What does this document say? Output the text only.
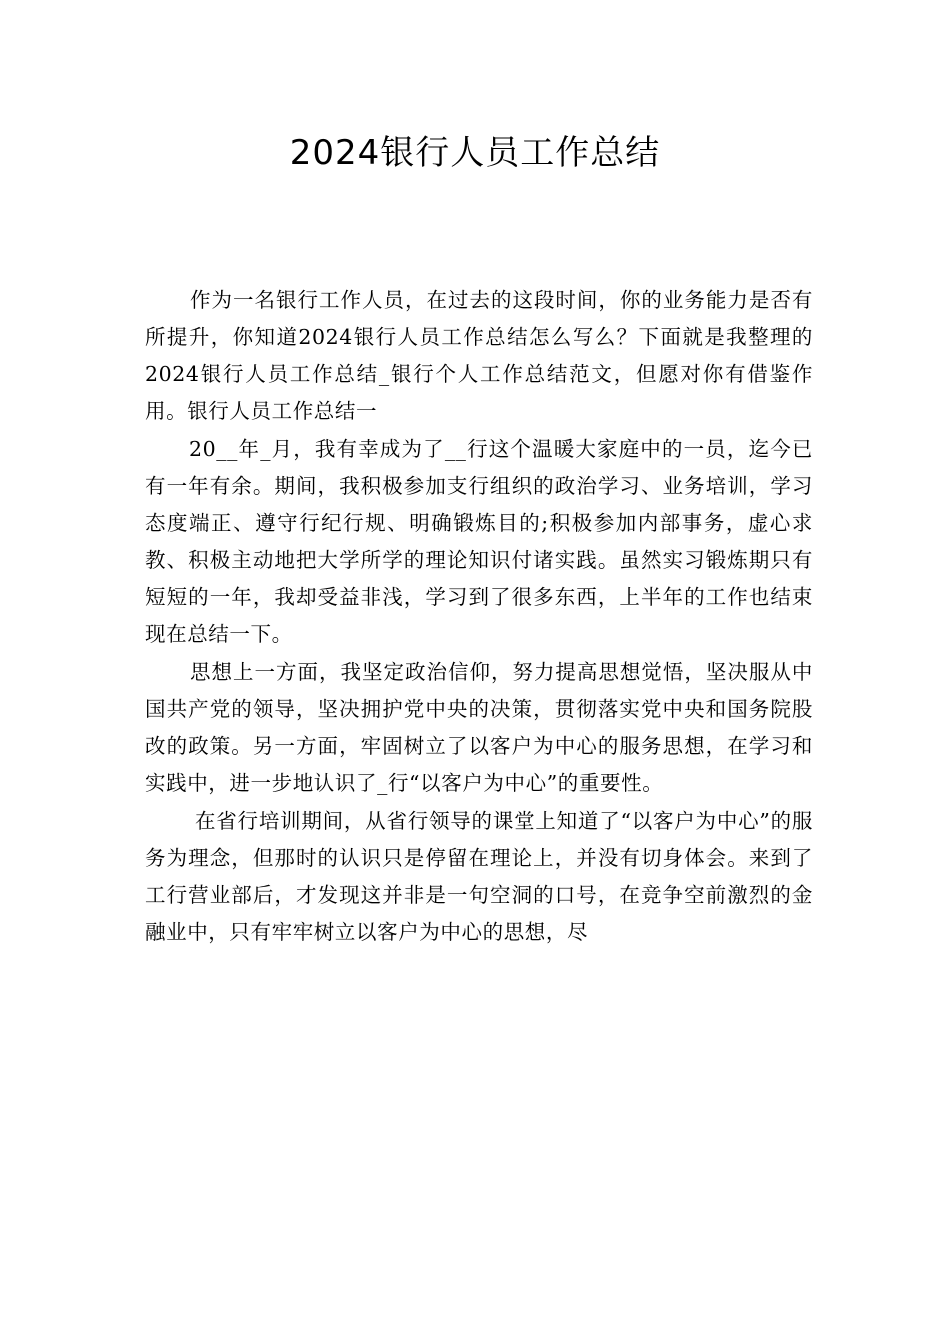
2024银行人员工作总结

作为一名银行工作人员，在过去的这段时间，你的业务能力是否有所提升，你知道2024银行人员工作总结怎么写么？下面就是我整理的2024银行人员工作总结_银行个人工作总结范文，但愿对你有借鉴作用。银行人员工作总结一

20__年_月，我有幸成为了__行这个温暖大家庭中的一员，迄今已有一年有余。期间，我积极参加支行组织的政治学习、业务培训，学习态度端正、遵守行纪行规、明确锻炼目的;积极参加内部事务，虚心求教、积极主动地把大学所学的理论知识付诸实践。虽然实习锻炼期只有短短的一年，我却受益非浅，学习到了很多东西，上半年的工作也结束现在总结一下。

思想上一方面，我坚定政治信仰，努力提高思想觉悟，坚决服从中国共产党的领导，坚决拥护党中央的决策，贯彻落实党中央和国务院股改的政策。另一方面，牢固树立了以客户为中心的服务思想，在学习和实践中，进一步地认识了_行“以客户为中心”的重要性。

在省行培训期间，从省行领导的课堂上知道了“以客户为中心”的服务为理念，但那时的认识只是停留在理论上，并没有切身体会。来到了工行营业部后，才发现这并非是一句空洞的口号，在竞争空前激烈的金融业中，只有牢牢树立以客户为中心的思想，尽
